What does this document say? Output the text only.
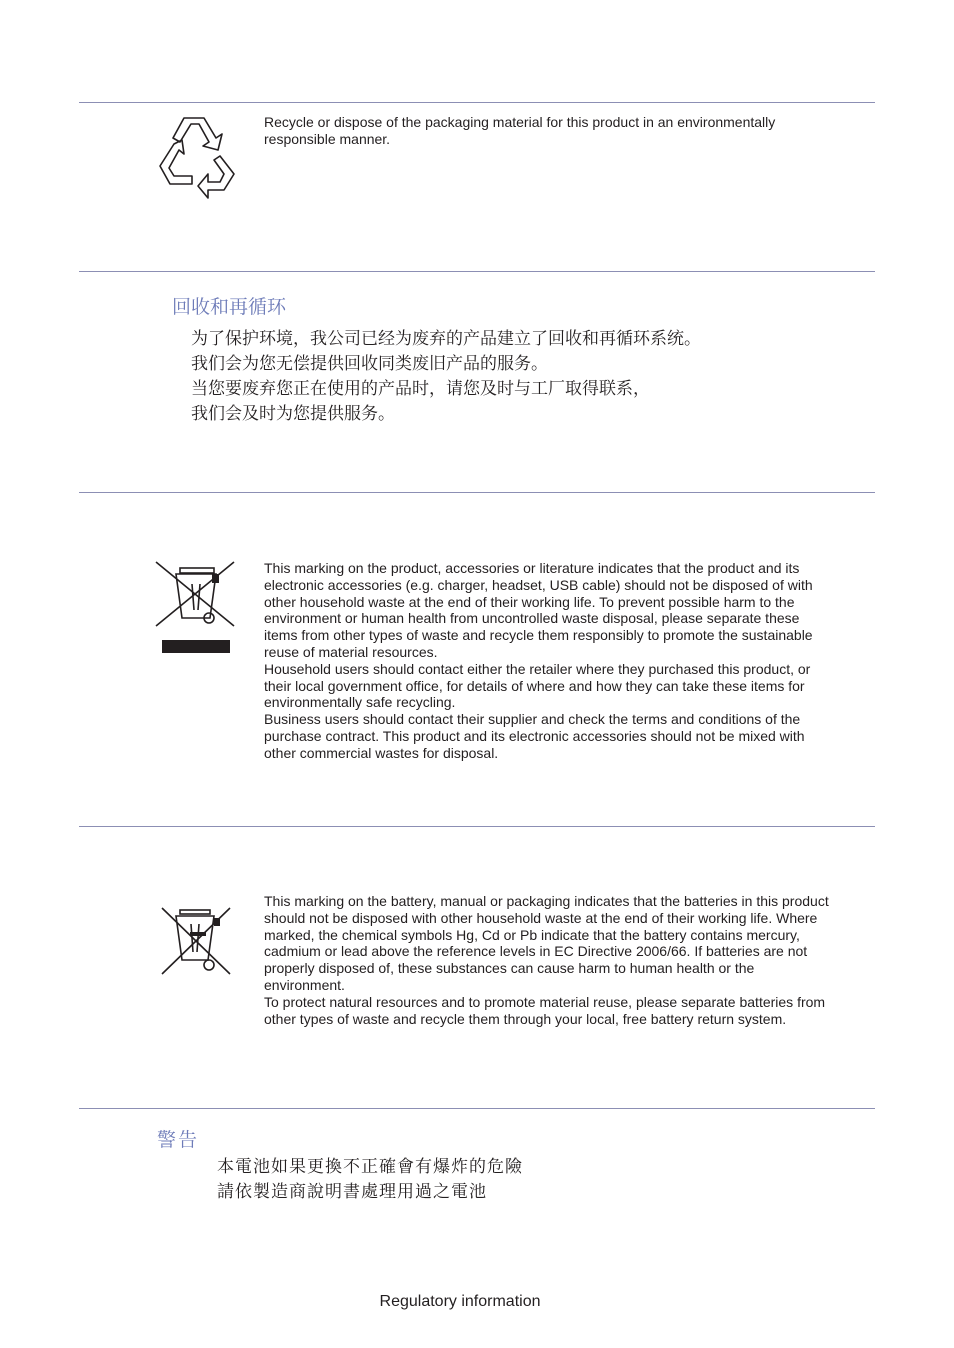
Recycle or dispose of the packaging material for this product in an environmentally responsible manner.

回收和再循环
为了保护环境，我公司已经为废弃的产品建立了回收和再循环系统。
我们会为您无偿提供回收同类废旧产品的服务。
当您要废弃您正在使用的产品时，请您及时与工厂取得联系，
我们会及时为您提供服务。

This marking on the product, accessories or literature indicates that the product and its electronic accessories (e.g. charger, headset, USB cable) should not be disposed of with other household waste at the end of their working life. To prevent possible harm to the environment or human health from uncontrolled waste disposal, please separate these items from other types of waste and recycle them responsibly to promote the sustainable reuse of material resources.

Household users should contact either the retailer where they purchased this product, or their local government office, for details of where and how they can take these items for environmentally safe recycling.

Business users should contact their supplier and check the terms and conditions of the purchase contract. This product and its electronic accessories should not be mixed with other commercial wastes for disposal.

This marking on the battery, manual or packaging indicates that the batteries in this product should not be disposed with other household waste at the end of their working life. Where marked, the chemical symbols Hg, Cd or Pb indicate that the battery contains mercury, cadmium or lead above the reference levels in EC Directive 2006/66. If batteries are not properly disposed of, these substances can cause harm to human health or the environment.

To protect natural resources and to promote material reuse, please separate batteries from other types of waste and recycle them through your local, free battery return system.

警告
本電池如果更換不正確會有爆炸的危險
請依製造商說明書處理用過之電池
Regulatory information
